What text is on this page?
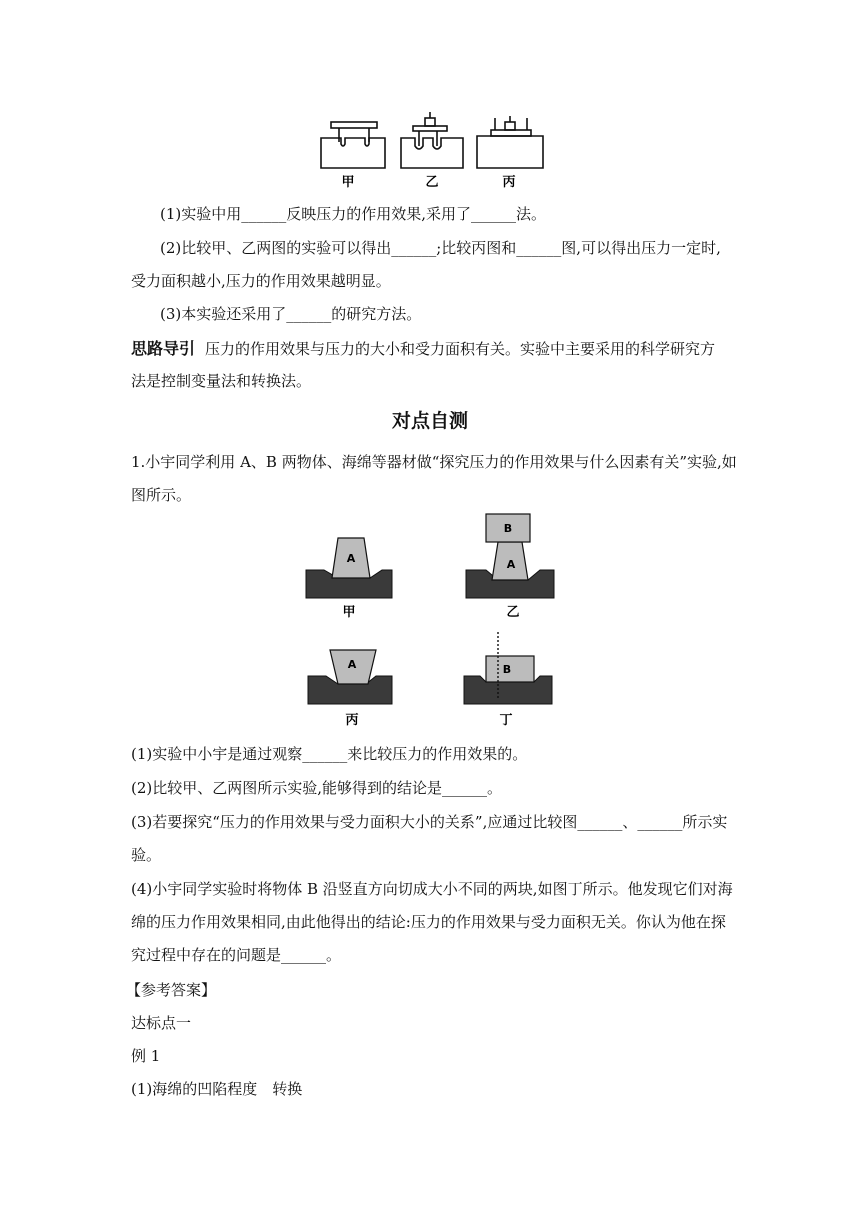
甲	乙	丙
(1)实验中用______反映压力的作用效果,采用了______法。
(2)比较甲、乙两图的实验可以得出______;比较丙图和______图,可以得出压力一定时,
受力面积越小,压力的作用效果越明显。
(3)本实验还采用了______的研究方法。
思路导引 压力的作用效果与压力的大小和受力面积有关。实验中主要采用的科学研究方
法是控制变量法和转换法。
对点自测
1.小宇同学利用 A、B 两物体、海绵等器材做“探究压力的作用效果与什么因素有关”实验,如
图所示。
A
甲
B
A
乙
A
丙
B
丁
(1)实验中小宇是通过观察______来比较压力的作用效果的。
(2)比较甲、乙两图所示实验,能够得到的结论是______。
(3)若要探究“压力的作用效果与受力面积大小的关系”,应通过比较图______、______所示实
验。
(4)小宇同学实验时将物体 B 沿竖直方向切成大小不同的两块,如图丁所示。他发现它们对海
绵的压力作用效果相同,由此他得出的结论:压力的作用效果与受力面积无关。你认为他在探
究过程中存在的问题是______。
【参考答案】
达标点一
例 1
(1)海绵的凹陷程度　转换
